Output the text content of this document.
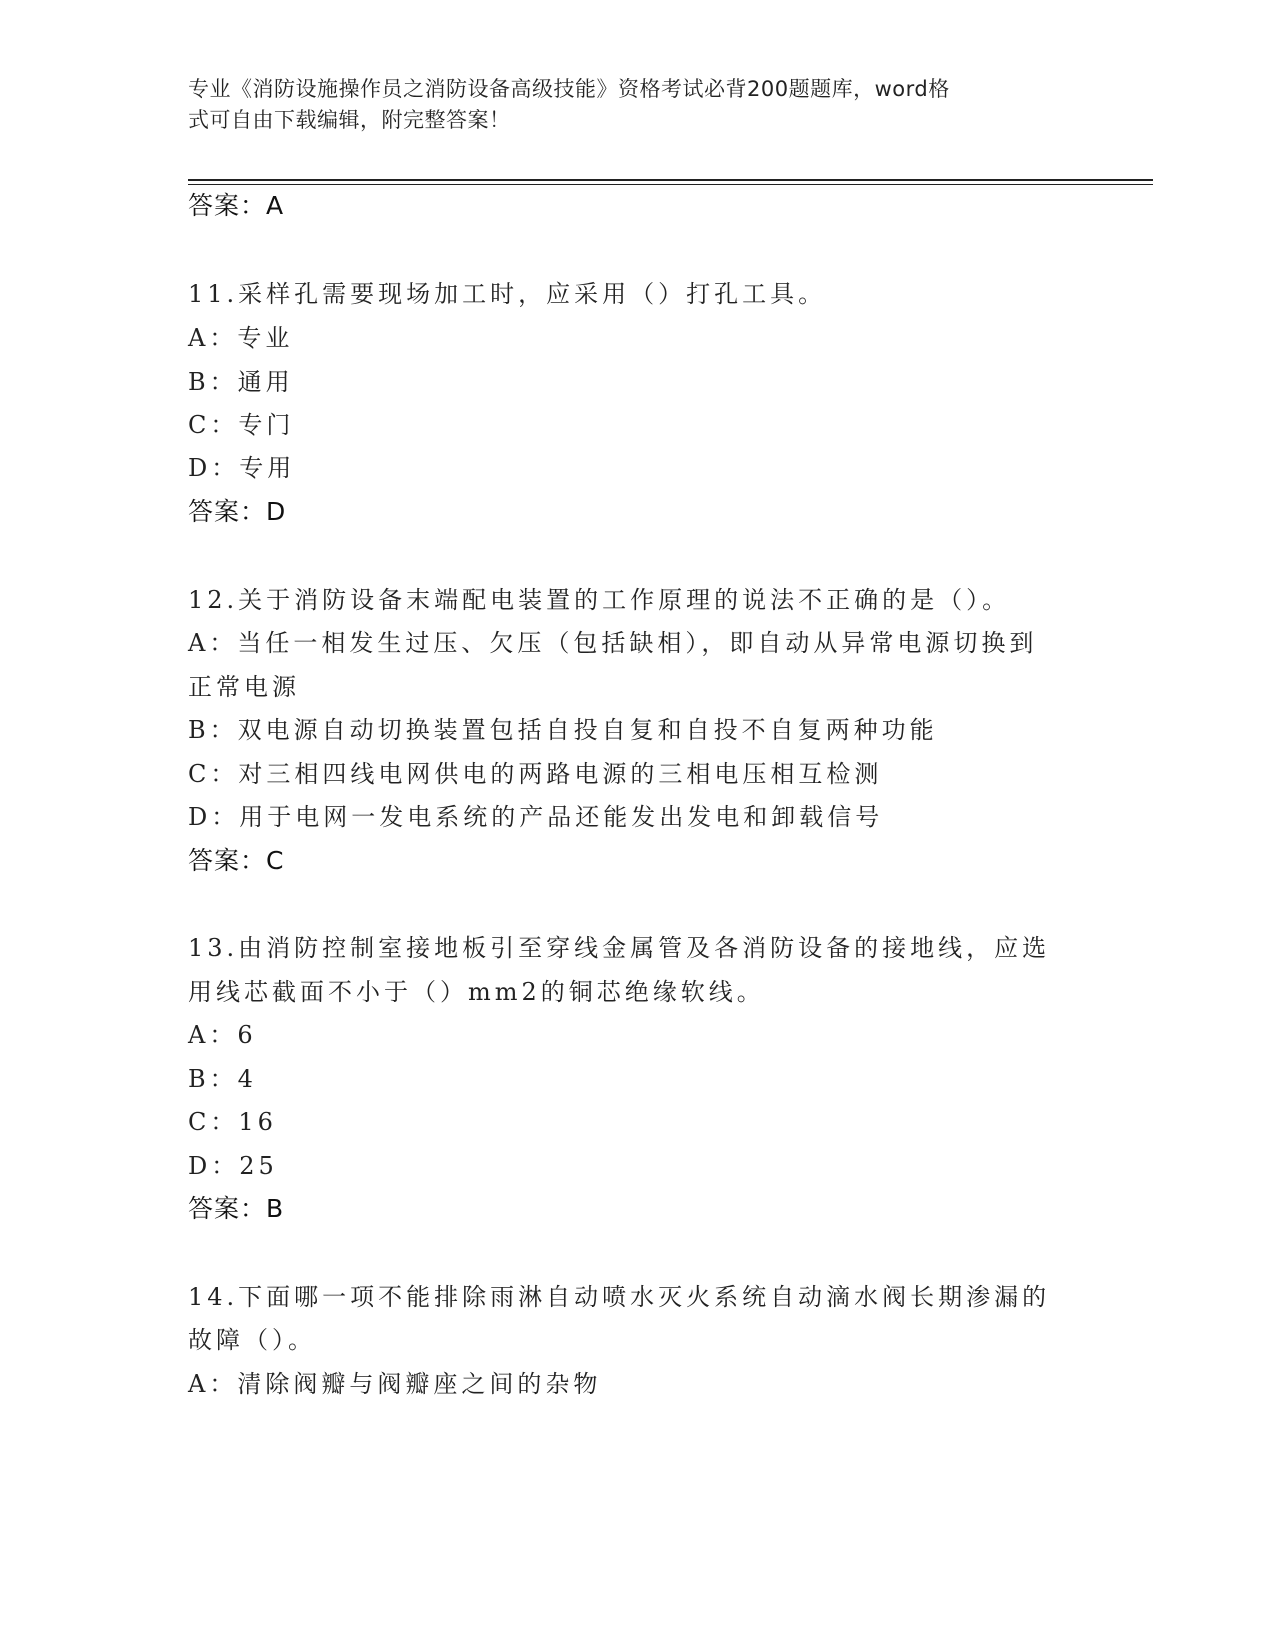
专业《消防设施操作员之消防设备高级技能》资格考试必背200题题库，word格
式可自由下载编辑，附完整答案！
答案：A
11.采样孔需要现场加工时，应采用（）打孔工具。
A：专业
B：通用
C：专门
D：专用
答案：D
12.关于消防设备末端配电装置的工作原理的说法不正确的是（）。
A：当任一相发生过压、欠压（包括缺相），即自动从异常电源切换到
正常电源
B：双电源自动切换装置包括自投自复和自投不自复两种功能
C：对三相四线电网供电的两路电源的三相电压相互检测
D：用于电网一发电系统的产品还能发出发电和卸载信号
答案：C
13.由消防控制室接地板引至穿线金属管及各消防设备的接地线，应选
用线芯截面不小于（）mm2的铜芯绝缘软线。
A：6
B：4
C：16
D：25
答案：B
14.下面哪一项不能排除雨淋自动喷水灭火系统自动滴水阀长期渗漏的
故障（）。
A：清除阀瓣与阀瓣座之间的杂物
